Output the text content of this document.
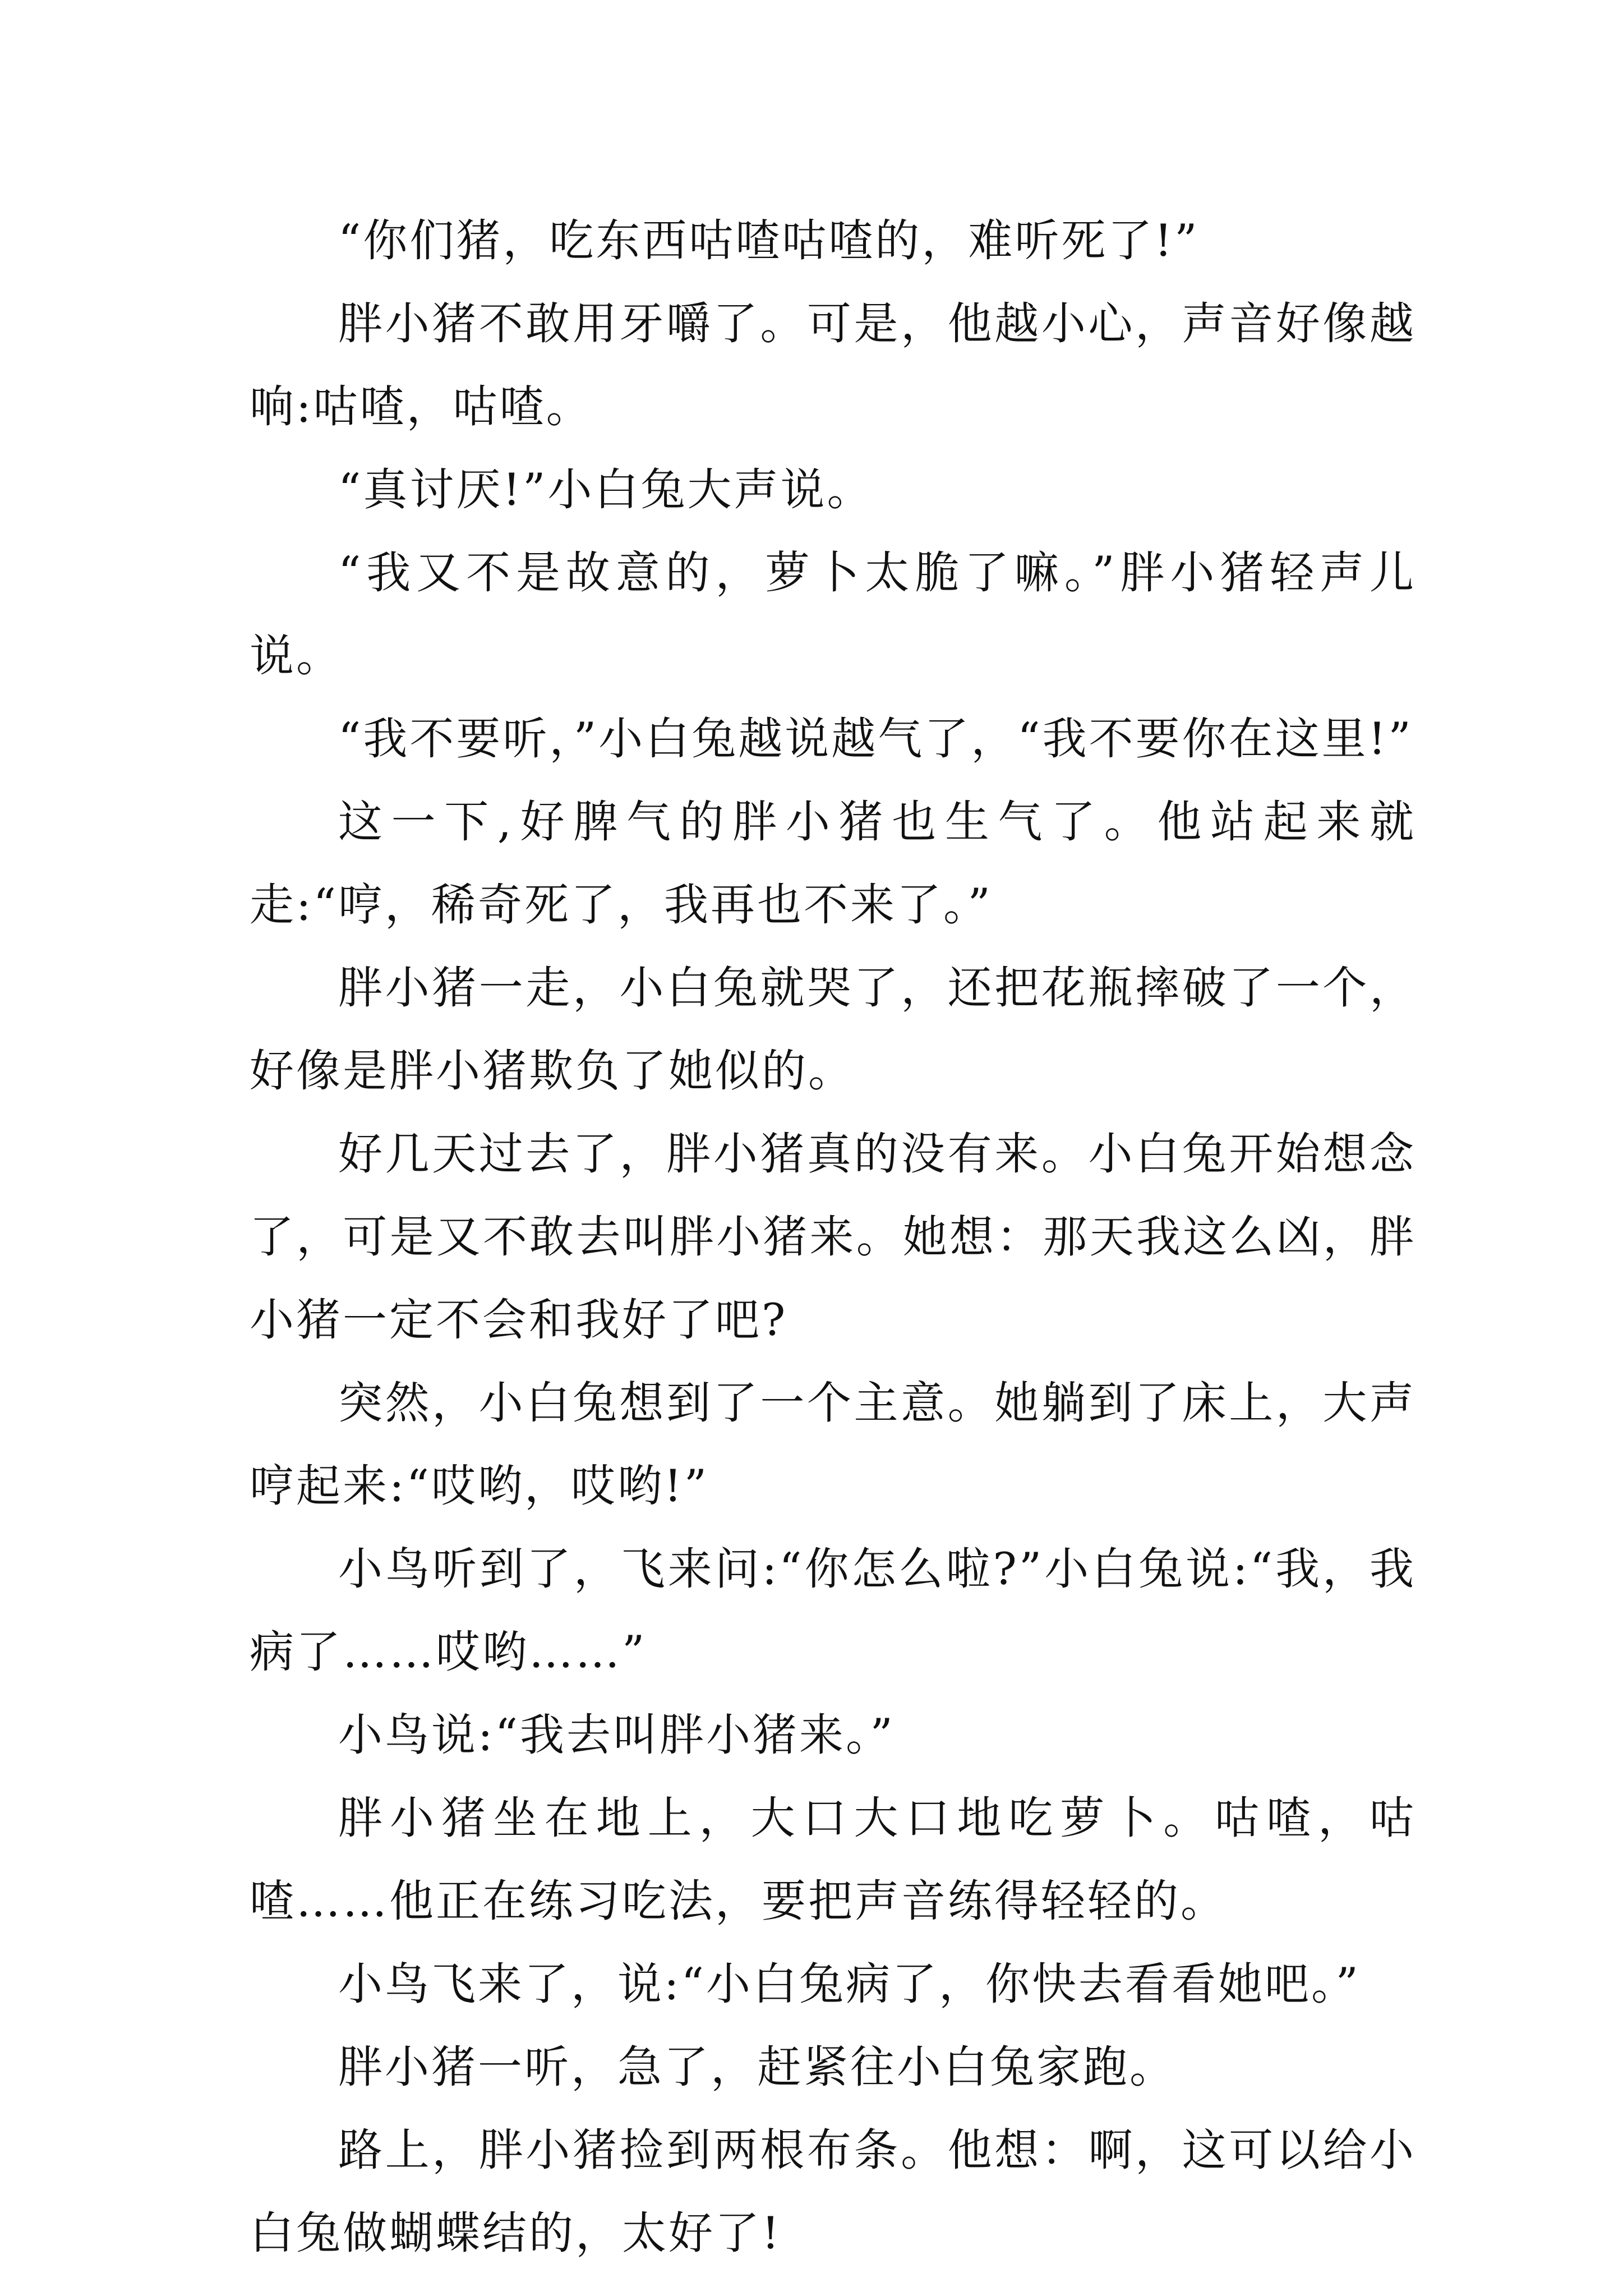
“你们猪，吃东西咕喳咕喳的，难听死了!”

胖小猪不敢用牙嚼了。可是，他越小心，声音好像越响:咕喳，咕喳。

“真讨厌!”小白兔大声说。

“我又不是故意的，萝卜太脆了嘛。”胖小猪轻声儿说。

“我不要听，”小白兔越说越气了，“我不要你在这里!”

这一下,好脾气的胖小猪也生气了。他站起来就走:“哼，稀奇死了，我再也不来了。”

胖小猪一走，小白兔就哭了，还把花瓶摔破了一个，好像是胖小猪欺负了她似的。

好几天过去了，胖小猪真的没有来。小白兔开始想念了，可是又不敢去叫胖小猪来。她想：那天我这么凶，胖小猪一定不会和我好了吧?

突然，小白兔想到了一个主意。她躺到了床上，大声哼起来:“哎哟，哎哟!”

小鸟听到了，飞来问:“你怎么啦?”小白兔说:“我，我病了……哎哟……”

小鸟说:“我去叫胖小猪来。”

胖小猪坐在地上，大口大口地吃萝卜。咕喳，咕喳……他正在练习吃法，要把声音练得轻轻的。

小鸟飞来了，说:“小白兔病了，你快去看看她吧。”

胖小猪一听，急了，赶紧往小白兔家跑。

路上，胖小猪捡到两根布条。他想：啊，这可以给小白兔做蝴蝶结的，太好了!
